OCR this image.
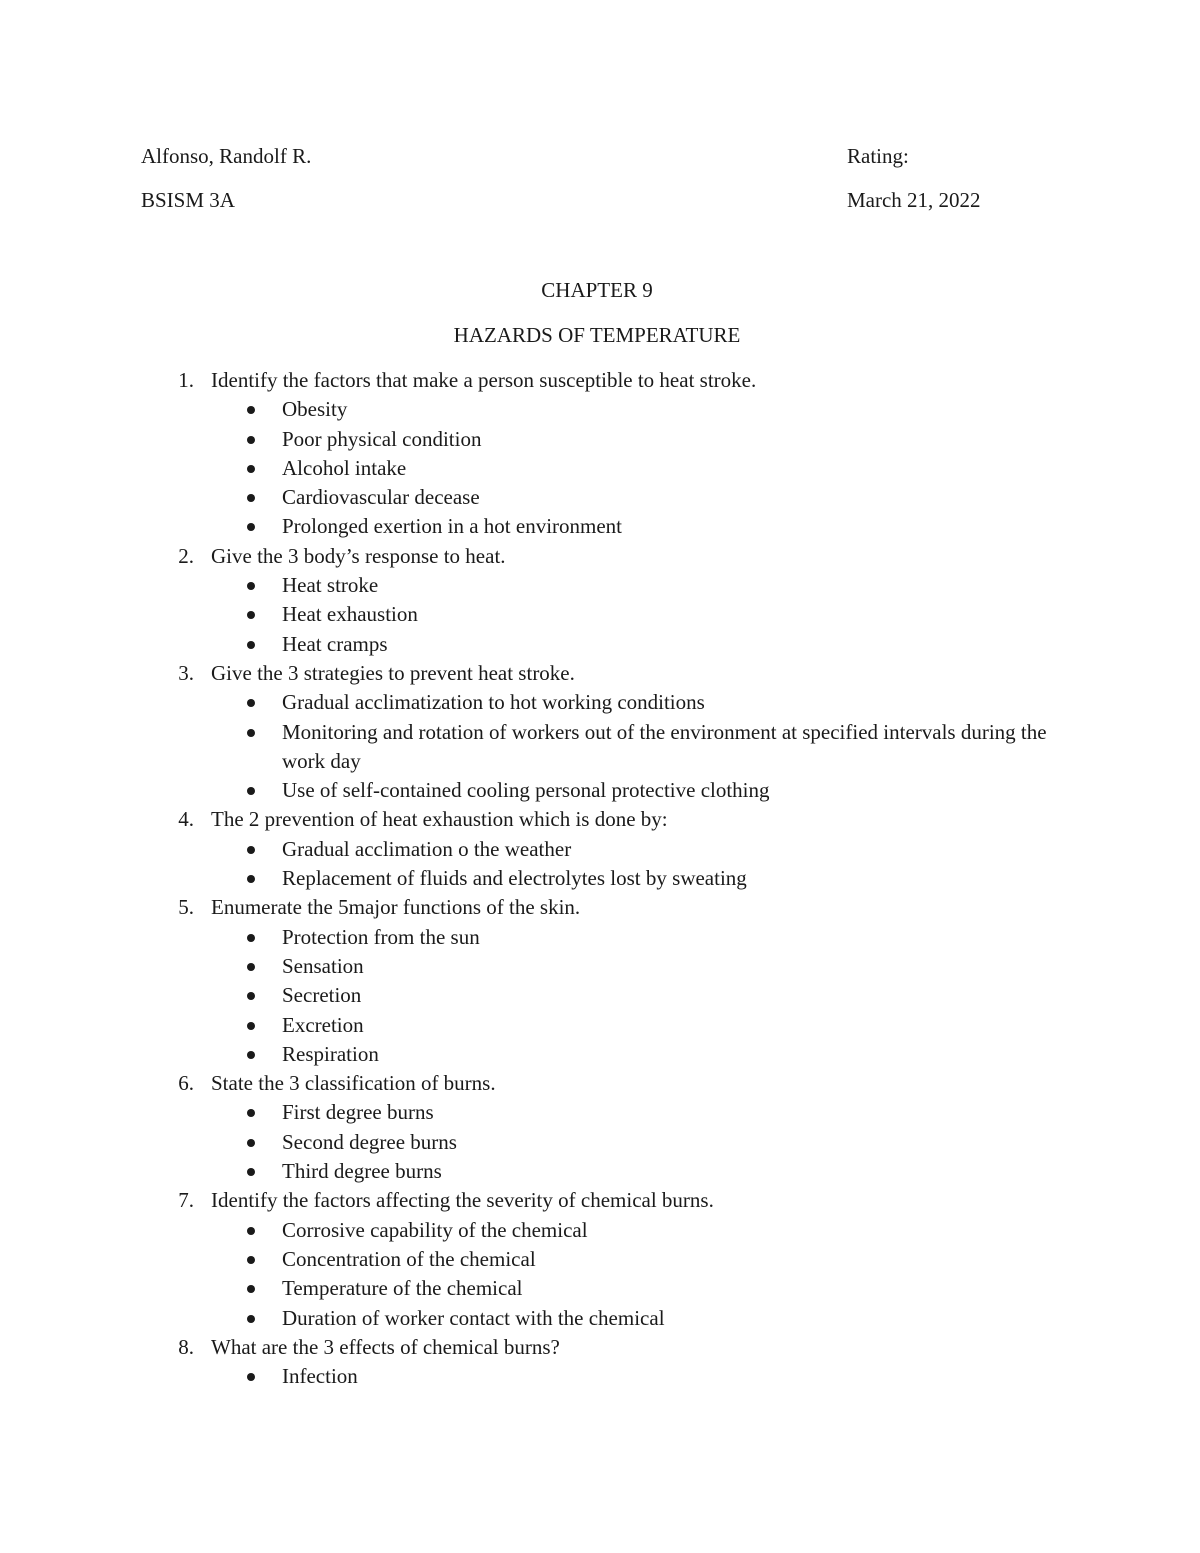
Alfonso, Randolf R.
BSISM 3A
Rating:
March 21, 2022
CHAPTER 9
HAZARDS OF TEMPERATURE
1. Identify the factors that make a person susceptible to heat stroke.
Obesity
Poor physical condition
Alcohol intake
Cardiovascular decease
Prolonged exertion in a hot environment
2. Give the 3 body’s response to heat.
Heat stroke
Heat exhaustion
Heat cramps
3. Give the 3 strategies to prevent heat stroke.
Gradual acclimatization to hot working conditions
Monitoring and rotation of workers out of the environment at specified intervals during the work day
Use of self-contained cooling personal protective clothing
4. The 2 prevention of heat exhaustion which is done by:
Gradual acclimation o the weather
Replacement of fluids and electrolytes lost by sweating
5. Enumerate the 5major functions of the skin.
Protection from the sun
Sensation
Secretion
Excretion
Respiration
6. State the 3 classification of burns.
First degree burns
Second degree burns
Third degree burns
7. Identify the factors affecting the severity of chemical burns.
Corrosive capability of the chemical
Concentration of the chemical
Temperature of the chemical
Duration of worker contact with the chemical
8. What are the 3 effects of chemical burns?
Infection
